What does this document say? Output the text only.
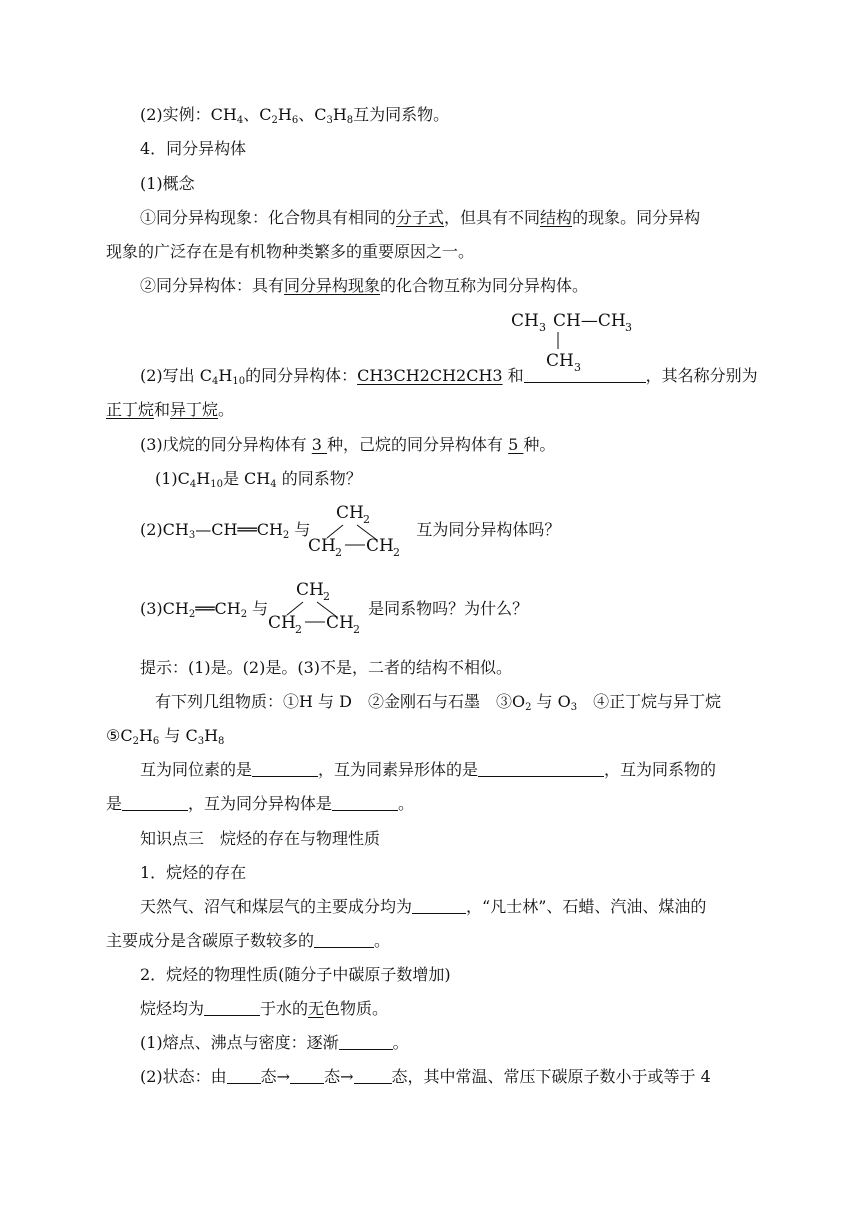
(2)实例：$CH_4$、$C_2H_6$、$C_3H_8$互为同系物。
4．同分异构体
(1)概念
①同分异构现象：化合物具有相同的分子式，但具有不同结构的现象。同分异构
现象的广泛存在是有机物种类繁多的重要原因之一。
②同分异构体：具有同分异构现象的化合物互称为同分异构体。
CH 3 CH—CH 3
CH 3
(2)写出 $C_4H_{10}$的同分异构体：CH3CH2CH2CH3 和	，其名称分别为
正丁烷和异丁烷。
(3)戊烷的同分异构体有 3 种，己烷的同分异构体有 5 种。
$(1)C_4H_{10}$是 $CH_4$ 的同系物？
$(2)CH_3—CH══CH_2$ 与	互为同分异构体吗？
CH 2
CH 2 CH 2
$(3)CH_2══CH_2$ 与	是同系物吗？为什么？
CH 2
CH 2 CH 2
提示：(1)是。(2)是。(3)不是，二者的结构不相似。
有下列几组物质：①H 与 D　②金刚石与石墨　$③O_2$ 与 $O_3$　④正丁烷与异丁烷
$⑤C_2H_6$ 与 $C_3H_8$
互为同位素的是	，互为同素异形体的是	，互为同系物的
是	，互为同分异构体是	。
知识点三　烷烃的存在与物理性质
1．烷烃的存在
天然气、沼气和煤层气的主要成分均为	，“凡士林”、石蜡、汽油、煤油的
主要成分是含碳原子数较多的	。
2．烷烃的物理性质(随分子中碳原子数增加)
烷烃均为	于水的无色物质。
(1)熔点、沸点与密度：逐渐	。
(2)状态：由 态→ 态→ 态，其中常温、常压下碳原子数小于或等于 4
